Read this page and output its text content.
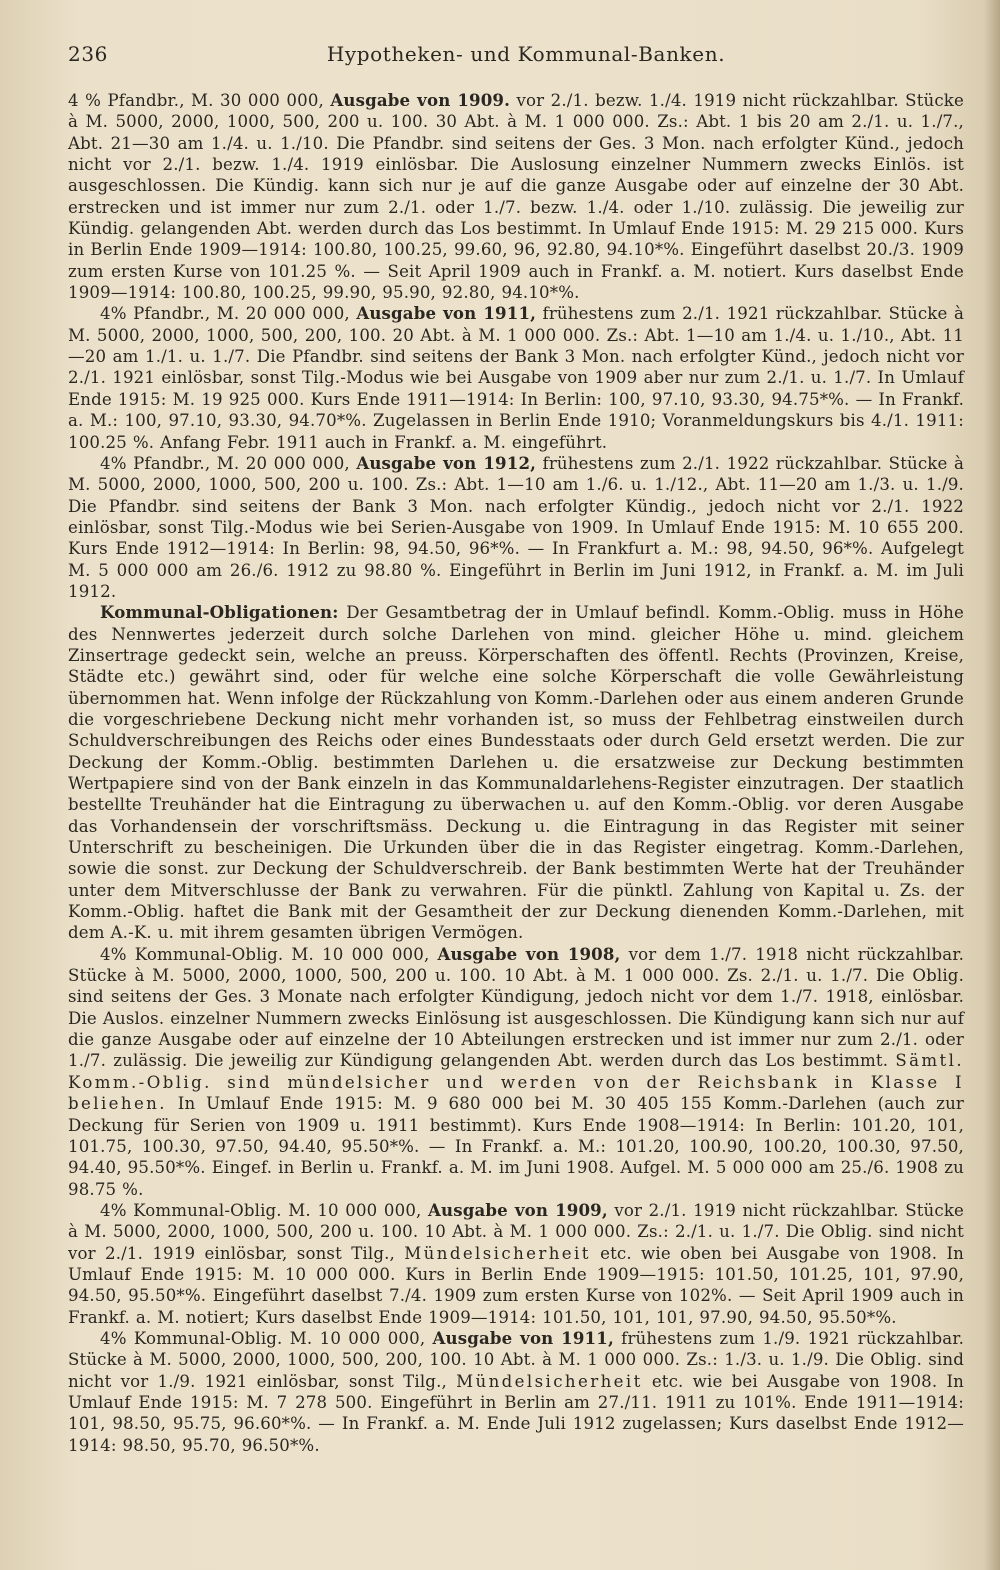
236	Hypotheken- und Kommunal-Banken.

4 % Pfandbr., M. 30 000 000, Ausgabe von 1909. vor 2./1. bezw. 1./4. 1919 nicht rückzahlbar. Stücke à M. 5000, 2000, 1000, 500, 200 u. 100. 30 Abt. à M. 1 000 000. Zs.: Abt. 1 bis 20 am 2./1. u. 1./7., Abt. 21—30 am 1./4. u. 1./10. Die Pfandbr. sind seitens der Ges. 3 Mon. nach erfolgter Künd., jedoch nicht vor 2./1. bezw. 1./4. 1919 einlösbar. Die Auslosung einzelner Nummern zwecks Einlös. ist ausgeschlossen. Die Kündig. kann sich nur je auf die ganze Ausgabe oder auf einzelne der 30 Abt. erstrecken und ist immer nur zum 2./1. oder 1./7. bezw. 1./4. oder 1./10. zulässig. Die jeweilig zur Kündig. gelangenden Abt. werden durch das Los bestimmt. In Umlauf Ende 1915: M. 29 215 000. Kurs in Berlin Ende 1909—1914: 100.80, 100.25, 99.60, 96, 92.80, 94.10*%. Eingeführt daselbst 20./3. 1909 zum ersten Kurse von 101.25 %. — Seit April 1909 auch in Frankf. a. M. notiert. Kurs daselbst Ende 1909—1914: 100.80, 100.25, 99.90, 95.90, 92.80, 94.10*%.

4% Pfandbr., M. 20 000 000, Ausgabe von 1911, frühestens zum 2./1. 1921 rückzahlbar. Stücke à M. 5000, 2000, 1000, 500, 200, 100. 20 Abt. à M. 1 000 000. Zs.: Abt. 1—10 am 1./4. u. 1./10., Abt. 11—20 am 1./1. u. 1./7. Die Pfandbr. sind seitens der Bank 3 Mon. nach erfolgter Künd., jedoch nicht vor 2./1. 1921 einlösbar, sonst Tilg.-Modus wie bei Ausgabe von 1909 aber nur zum 2./1. u. 1./7. In Umlauf Ende 1915: M. 19 925 000. Kurs Ende 1911—1914: In Berlin: 100, 97.10, 93.30, 94.75*%. — In Frankf. a. M.: 100, 97.10, 93.30, 94.70*%. Zugelassen in Berlin Ende 1910; Voranmeldungskurs bis 4./1. 1911: 100.25 %. Anfang Febr. 1911 auch in Frankf. a. M. eingeführt.

4% Pfandbr., M. 20 000 000, Ausgabe von 1912, frühestens zum 2./1. 1922 rückzahlbar. Stücke à M. 5000, 2000, 1000, 500, 200 u. 100. Zs.: Abt. 1—10 am 1./6. u. 1./12., Abt. 11—20 am 1./3. u. 1./9. Die Pfandbr. sind seitens der Bank 3 Mon. nach erfolgter Kündig., jedoch nicht vor 2./1. 1922 einlösbar, sonst Tilg.-Modus wie bei Serien-Ausgabe von 1909. In Umlauf Ende 1915: M. 10 655 200. Kurs Ende 1912—1914: In Berlin: 98, 94.50, 96*%. — In Frankfurt a. M.: 98, 94.50, 96*%. Aufgelegt M. 5 000 000 am 26./6. 1912 zu 98.80 %. Eingeführt in Berlin im Juni 1912, in Frankf. a. M. im Juli 1912.

Kommunal-Obligationen: Der Gesamtbetrag der in Umlauf befindl. Komm.-Oblig. muss in Höhe des Nennwertes jederzeit durch solche Darlehen von mind. gleicher Höhe u. mind. gleichem Zinsertrage gedeckt sein, welche an preuss. Körperschaften des öffentl. Rechts (Provinzen, Kreise, Städte etc.) gewährt sind, oder für welche eine solche Körperschaft die volle Gewährleistung übernommen hat. Wenn infolge der Rückzahlung von Komm.-Darlehen oder aus einem anderen Grunde die vorgeschriebene Deckung nicht mehr vorhanden ist, so muss der Fehlbetrag einstweilen durch Schuldverschreibungen des Reichs oder eines Bundesstaats oder durch Geld ersetzt werden. Die zur Deckung der Komm.-Oblig. bestimmten Darlehen u. die ersatzweise zur Deckung bestimmten Wertpapiere sind von der Bank einzeln in das Kommunaldarlehens-Register einzutragen. Der staatlich bestellte Treuhänder hat die Eintragung zu überwachen u. auf den Komm.-Oblig. vor deren Ausgabe das Vorhandensein der vorschriftsmäss. Deckung u. die Eintragung in das Register mit seiner Unterschrift zu bescheinigen. Die Urkunden über die in das Register eingetrag. Komm.-Darlehen, sowie die sonst. zur Deckung der Schuldverschreib. der Bank bestimmten Werte hat der Treuhänder unter dem Mitverschlusse der Bank zu verwahren. Für die pünktl. Zahlung von Kapital u. Zs. der Komm.-Oblig. haftet die Bank mit der Gesamtheit der zur Deckung dienenden Komm.-Darlehen, mit dem A.-K. u. mit ihrem gesamten übrigen Vermögen.

4% Kommunal-Oblig. M. 10 000 000, Ausgabe von 1908, vor dem 1./7. 1918 nicht rückzahlbar. Stücke à M. 5000, 2000, 1000, 500, 200 u. 100. 10 Abt. à M. 1 000 000. Zs. 2./1. u. 1./7. Die Oblig. sind seitens der Ges. 3 Monate nach erfolgter Kündigung, jedoch nicht vor dem 1./7. 1918, einlösbar. Die Auslos. einzelner Nummern zwecks Einlösung ist ausgeschlossen. Die Kündigung kann sich nur auf die ganze Ausgabe oder auf einzelne der 10 Abteilungen erstrecken und ist immer nur zum 2./1. oder 1./7. zulässig. Die jeweilig zur Kündigung gelangenden Abt. werden durch das Los bestimmt. Sämtl. Komm.-Oblig. sind mündelsicher und werden von der Reichsbank in Klasse I beliehen. In Umlauf Ende 1915: M. 9 680 000 bei M. 30 405 155 Komm.-Darlehen (auch zur Deckung für Serien von 1909 u. 1911 bestimmt). Kurs Ende 1908—1914: In Berlin: 101.20, 101, 101.75, 100.30, 97.50, 94.40, 95.50*%. — In Frankf. a. M.: 101.20, 100.90, 100.20, 100.30, 97.50, 94.40, 95.50*%. Eingef. in Berlin u. Frankf. a. M. im Juni 1908. Aufgel. M. 5 000 000 am 25./6. 1908 zu 98.75 %.

4% Kommunal-Oblig. M. 10 000 000, Ausgabe von 1909, vor 2./1. 1919 nicht rückzahlbar. Stücke à M. 5000, 2000, 1000, 500, 200 u. 100. 10 Abt. à M. 1 000 000. Zs.: 2./1. u. 1./7. Die Oblig. sind nicht vor 2./1. 1919 einlösbar, sonst Tilg., Mündelsicherheit etc. wie oben bei Ausgabe von 1908. In Umlauf Ende 1915: M. 10 000 000. Kurs in Berlin Ende 1909—1915: 101.50, 101.25, 101, 97.90, 94.50, 95.50*%. Eingeführt daselbst 7./4. 1909 zum ersten Kurse von 102%. — Seit April 1909 auch in Frankf. a. M. notiert; Kurs daselbst Ende 1909—1914: 101.50, 101, 101, 97.90, 94.50, 95.50*%.

4% Kommunal-Oblig. M. 10 000 000, Ausgabe von 1911, frühestens zum 1./9. 1921 rückzahlbar. Stücke à M. 5000, 2000, 1000, 500, 200, 100. 10 Abt. à M. 1 000 000. Zs.: 1./3. u. 1./9. Die Oblig. sind nicht vor 1./9. 1921 einlösbar, sonst Tilg., Mündelsicherheit etc. wie bei Ausgabe von 1908. In Umlauf Ende 1915: M. 7 278 500. Eingeführt in Berlin am 27./11. 1911 zu 101%. Ende 1911—1914: 101, 98.50, 95.75, 96.60*%. — In Frankf. a. M. Ende Juli 1912 zugelassen; Kurs daselbst Ende 1912—1914: 98.50, 95.70, 96.50*%.
